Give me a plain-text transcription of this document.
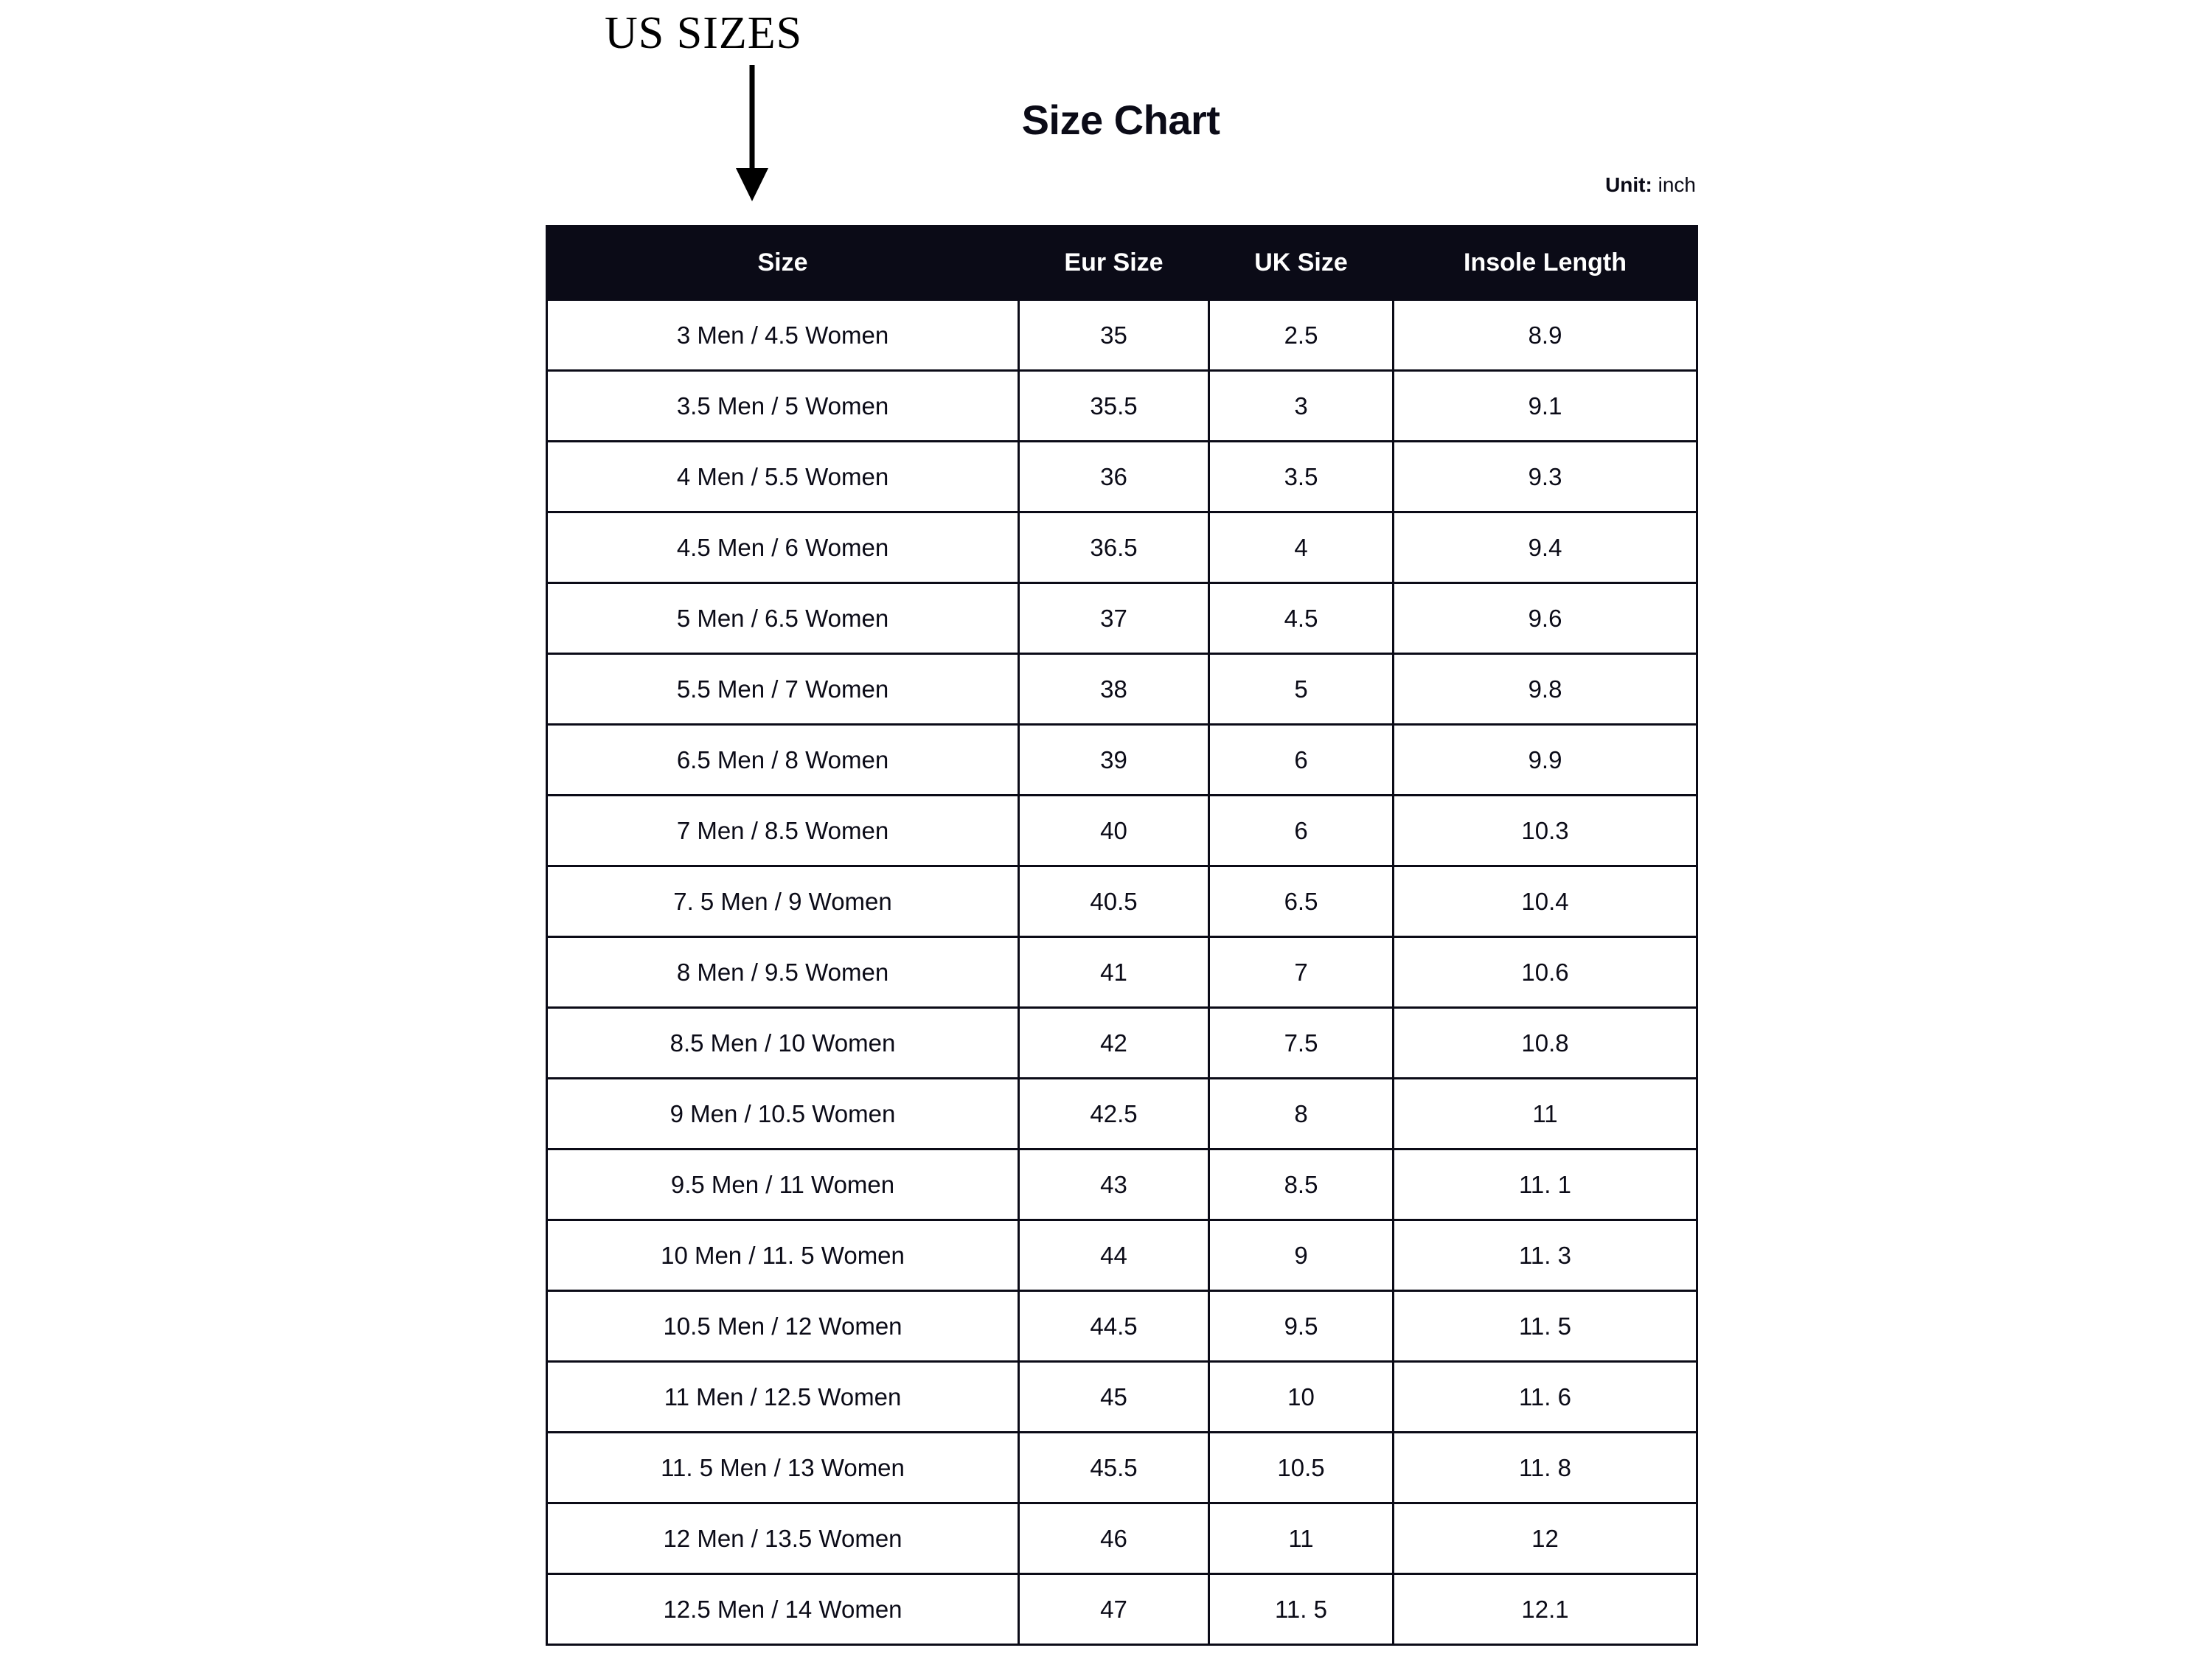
US SIZES
Size Chart
Unit: inch
Size	Eur Size	UK Size	Insole Length
3 Men / 4.5 Women	35	2.5	8.9
3.5 Men / 5 Women	35.5	3	9.1
4 Men / 5.5 Women	36	3.5	9.3
4.5 Men / 6 Women	36.5	4	9.4
5 Men / 6.5 Women	37	4.5	9.6
5.5 Men / 7 Women	38	5	9.8
6.5 Men / 8 Women	39	6	9.9
7 Men / 8.5 Women	40	6	10.3
7. 5 Men / 9 Women	40.5	6.5	10.4
8 Men / 9.5 Women	41	7	10.6
8.5 Men / 10 Women	42	7.5	10.8
9 Men / 10.5 Women	42.5	8	11
9.5 Men / 11 Women	43	8.5	11. 1
10 Men / 11. 5 Women	44	9	11. 3
10.5 Men / 12 Women	44.5	9.5	11. 5
11 Men / 12.5 Women	45	10	11. 6
11. 5 Men / 13 Women	45.5	10.5	11. 8
12 Men / 13.5 Women	46	11	12
12.5 Men / 14 Women	47	11. 5	12.1
